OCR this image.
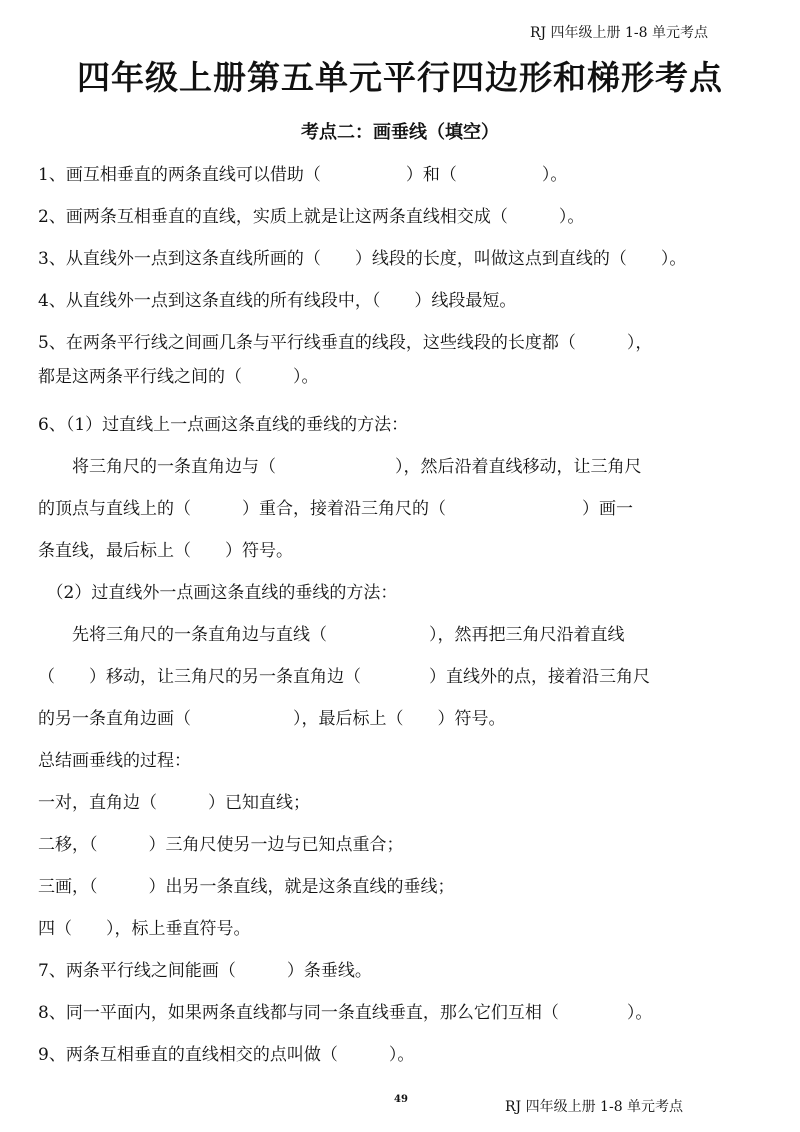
RJ 四年级上册 1-8 单元考点
四年级上册第五单元平行四边形和梯形考点
考点二：画垂线（填空）
1、画互相垂直的两条直线可以借助（　　　　　）和（　　　　　）。
2、画两条互相垂直的直线，实质上就是让这两条直线相交成（　　　）。
3、从直线外一点到这条直线所画的（　　）线段的长度，叫做这点到直线的（　　）。
4、从直线外一点到这条直线的所有线段中，（　　）线段最短。
5、在两条平行线之间画几条与平行线垂直的线段，这些线段的长度都（　　　），
都是这两条平行线之间的（　　　）。
6、（1）过直线上一点画这条直线的垂线的方法：
　　将三角尺的一条直角边与（　　　　　　　），然后沿着直线移动，让三角尺
的顶点与直线上的（　　　）重合，接着沿三角尺的（　　　　　　　　）画一
条直线，最后标上（　　）符号。
　（2）过直线外一点画这条直线的垂线的方法：
　　先将三角尺的一条直角边与直线（　　　　　　），然再把三角尺沿着直线
（　　）移动，让三角尺的另一条直角边（　　　　）直线外的点，接着沿三角尺
的另一条直角边画（　　　　　　），最后标上（　　）符号。
总结画垂线的过程：
一对，直角边（　　　）已知直线；
二移，（　　　）三角尺使另一边与已知点重合；
三画，（　　　）出另一条直线，就是这条直线的垂线；
四（　　），标上垂直符号。
7、两条平行线之间能画（　　　）条垂线。
8、同一平面内，如果两条直线都与同一条直线垂直，那么它们互相（　　　　）。
9、两条互相垂直的直线相交的点叫做（　　　）。
49	RJ 四年级上册 1-8 单元考点
